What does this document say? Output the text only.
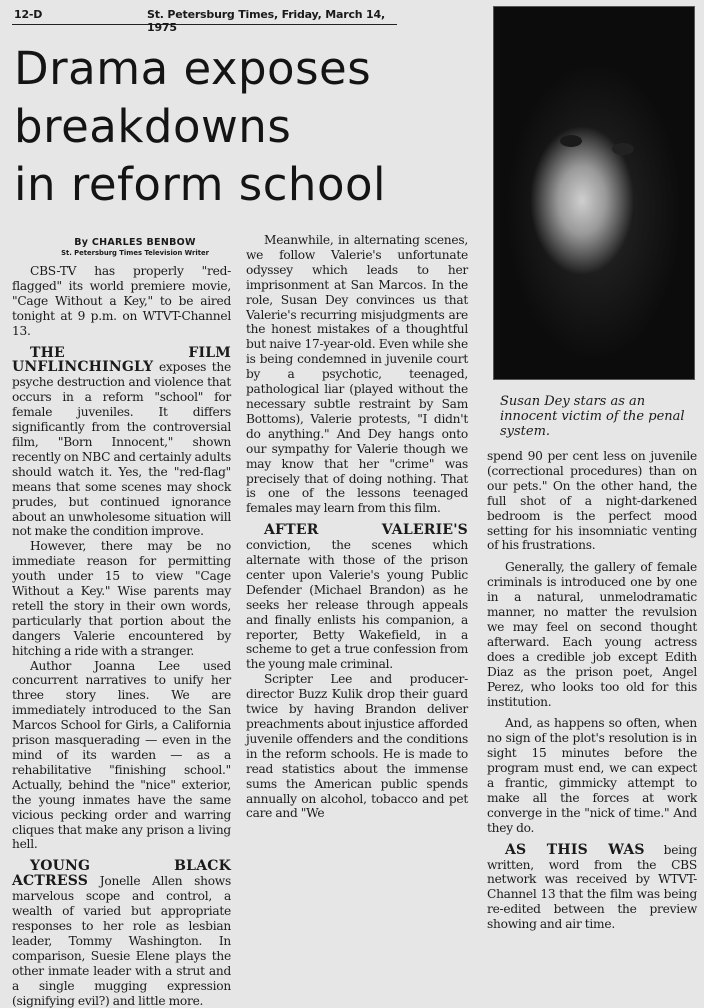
12-D	St. Petersburg Times, Friday, March 14, 1975
Drama exposes
breakdowns
in reform school
Susan Dey stars as an innocent victim of the penal system.
By CHARLES BENBOW
St. Petersburg Times Television Writer

CBS-TV has properly "red-flagged" its world premiere movie, "Cage Without a Key," to be aired tonight at 9 p.m. on WTVT-Channel 13.

THE FILM UNFLINCHINGLY exposes the psyche destruction and violence that occurs in a reform "school" for female juveniles. It differs significantly from the controversial film, "Born Innocent," shown recently on NBC and certainly adults should watch it. Yes, the "red-flag" means that some scenes may shock prudes, but continued ignorance about an unwholesome situation will not make the condition improve.

However, there may be no immediate reason for permitting youth under 15 to view "Cage Without a Key." Wise parents may retell the story in their own words, particularly that portion about the dangers Valerie encountered by hitching a ride with a stranger.

Author Joanna Lee used concurrent narratives to unify her three story lines. We are immediately introduced to the San Marcos School for Girls, a California prison masquerading — even in the mind of its warden — as a rehabilitative "finishing school." Actually, behind the "nice" exterior, the young inmates have the same vicious pecking order and warring cliques that make any prison a living hell.

YOUNG BLACK ACTRESS Jonelle Allen shows marvelous scope and control, a wealth of varied but appropriate responses to her role as lesbian leader, Tommy Washington. In comparison, Suesie Elene plays the other inmate leader with a strut and a single mugging expression (signifying evil?) and little more.

Meanwhile, in alternating scenes, we follow Valerie's unfortunate odyssey which leads to her imprisonment at San Marcos. In the role, Susan Dey convinces us that Valerie's recurring misjudgments are the honest mistakes of a thoughtful but naive 17-year-old. Even while she is being condemned in juvenile court by a psychotic, teenaged, pathological liar (played without the necessary subtle restraint by Sam Bottoms), Valerie protests, "I didn't do anything." And Dey hangs onto our sympathy for Valerie though we may know that her "crime" was precisely that of doing nothing. That is one of the lessons teenaged females may learn from this film.

AFTER VALERIE'S conviction, the scenes which alternate with those of the prison center upon Valerie's young Public Defender (Michael Brandon) as he seeks her release through appeals and finally enlists his companion, a reporter, Betty Wakefield, in a scheme to get a true confession from the young male criminal.

Scripter Lee and producer-director Buzz Kulik drop their guard twice by having Brandon deliver preachments about injustice afforded juvenile offenders and the conditions in the reform schools. He is made to read statistics about the immense sums the American public spends annually on alcohol, tobacco and pet care and "We

spend 90 per cent less on juvenile (correctional procedures) than on our pets." On the other hand, the full shot of a night-darkened bedroom is the perfect mood setting for his insomniatic venting of his frustrations.

Generally, the gallery of female criminals is introduced one by one in a natural, unmelodramatic manner, no matter the revulsion we may feel on second thought afterward. Each young actress does a credible job except Edith Diaz as the prison poet, Angel Perez, who looks too old for this institution.

And, as happens so often, when no sign of the plot's resolution is in sight 15 minutes before the program must end, we can expect a frantic, gimmicky attempt to make all the forces at work converge in the "nick of time." And they do.

AS THIS WAS being written, word from the CBS network was received by WTVT-Channel 13 that the film was being re-edited between the preview showing and air time.
